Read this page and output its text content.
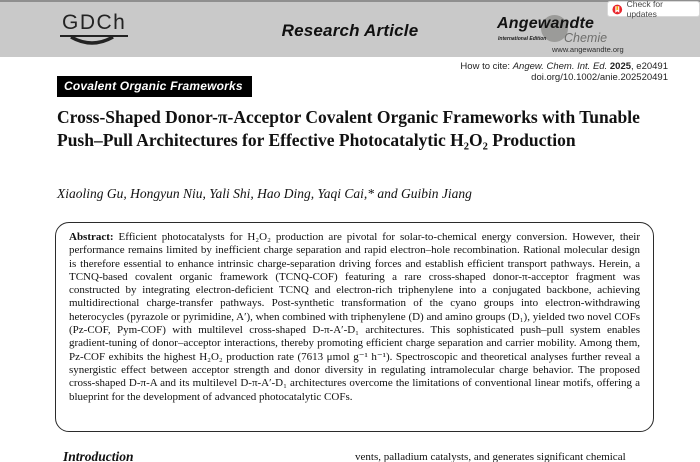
GDCh	Research Article	Angewandte
International Edition Chemie
www.angewandte.org
Check for updates
How to cite: Angew. Chem. Int. Ed. 2025, e20491
doi.org/10.1002/anie.202520491
Covalent Organic Frameworks
Cross-Shaped Donor-π-Acceptor Covalent Organic Frameworks with Tunable Push–Pull Architectures for Effective Photocatalytic H₂O₂ Production
Xiaoling Gu, Hongyun Niu, Yali Shi, Hao Ding, Yaqi Cai,* and Guibin Jiang

Abstract: Efficient photocatalysts for H₂O₂ production are pivotal for solar-to-chemical energy conversion. However, their performance remains limited by inefficient charge separation and rapid electron–hole recombination. Rational molecular design is therefore essential to enhance intrinsic charge-separation driving forces and establish efficient transport pathways. Herein, a TCNQ-based covalent organic framework (TCNQ-COF) featuring a rare cross-shaped donor-π-acceptor fragment was constructed by integrating electron-deficient TCNQ and electron-rich triphenylene into a conjugated backbone, achieving multidirectional charge-transfer pathways. Post-synthetic transformation of the cyano groups into electron-withdrawing heterocycles (pyrazole or pyrimidine, A′), when combined with triphenylene (D) and amino groups (D₁), yielded two novel COFs (Pz-COF, Pym-COF) with multilevel cross-shaped D-π-A′-D₁ architectures. This sophisticated push–pull system enables gradient-tuning of donor–acceptor interactions, thereby promoting efficient charge separation and carrier mobility. Among them, Pz-COF exhibits the highest H₂O₂ production rate (7613 μmol g⁻¹ h⁻¹). Spectroscopic and theoretical analyses further reveal a synergistic effect between acceptor strength and donor diversity in regulating intramolecular charge behavior. The proposed cross-shaped D-π-A and its multilevel D-π-A′-D₁ architectures overcome the limitations of conventional linear motifs, offering a blueprint for the development of advanced photocatalytic COFs.

Introduction	vents, palladium catalysts, and generates significant chemical
